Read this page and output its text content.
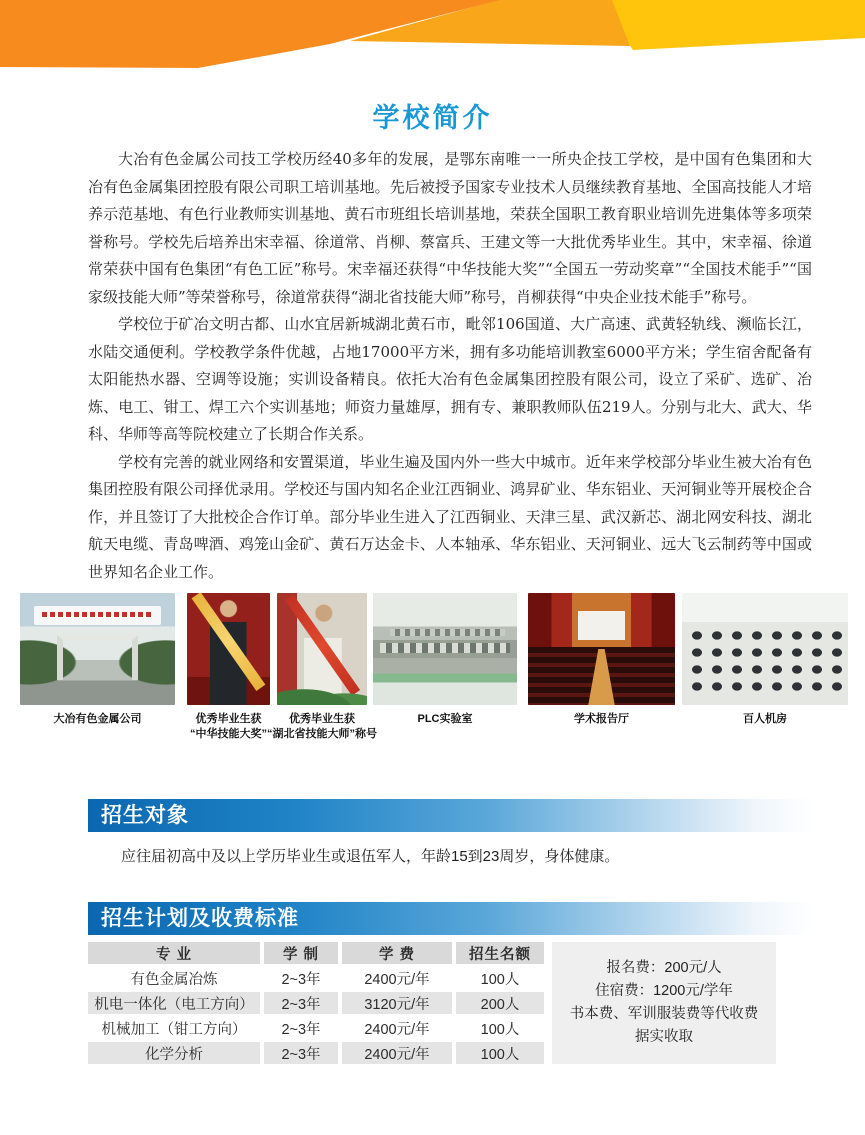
学校简介

大冶有色金属公司技工学校历经40多年的发展，是鄂东南唯一一所央企技工学校，是中国有色集团和大冶有色金属集团控股有限公司职工培训基地。先后被授予国家专业技术人员继续教育基地、全国高技能人才培养示范基地、有色行业教师实训基地、黄石市班组长培训基地，荣获全国职工教育职业培训先进集体等多项荣誉称号。学校先后培养出宋幸福、徐道常、肖柳、蔡富兵、王建文等一大批优秀毕业生。其中，宋幸福、徐道常荣获中国有色集团“有色工匠”称号。宋幸福还获得“中华技能大奖”“全国五一劳动奖章”“全国技术能手”“国家级技能大师”等荣誉称号，徐道常获得“湖北省技能大师”称号，肖柳获得“中央企业技术能手”称号。

学校位于矿冶文明古都、山水宜居新城湖北黄石市，毗邻106国道、大广高速、武黄轻轨线、濒临长江，水陆交通便利。学校教学条件优越，占地17000平方米，拥有多功能培训教室6000平方米；学生宿舍配备有太阳能热水器、空调等设施；实训设备精良。依托大冶有色金属集团控股有限公司，设立了采矿、选矿、冶炼、电工、钳工、焊工六个实训基地；师资力量雄厚，拥有专、兼职教师队伍219人。分别与北大、武大、华科、华师等高等院校建立了长期合作关系。

学校有完善的就业网络和安置渠道，毕业生遍及国内外一些大中城市。近年来学校部分毕业生被大冶有色集团控股有限公司择优录用。学校还与国内知名企业江西铜业、鸿昇矿业、华东铝业、天河铜业等开展校企合作，并且签订了大批校企合作订单。部分毕业生进入了江西铜业、天津三星、武汉新芯、湖北网安科技、湖北航天电缆、青岛啤酒、鸡笼山金矿、黄石万达金卡、人本轴承、华东铝业、天河铜业、远大飞云制药等中国或世界知名企业工作。

大冶有色金属公司	优秀毕业生获
“中华技能大奖”
优秀毕业生获
“湖北省技能大师”称号
PLC实验室	学术报告厅	百人机房
招生对象
应往届初高中及以上学历毕业生或退伍军人，年龄15到23周岁，身体健康。
招生计划及收费标准
专 业	学 制	学 费	招生名额
有色金属冶炼	2~3年	2400元/年	100人
机电一体化（电工方向）	2~3年	3120元/年	200人
机械加工（钳工方向）	2~3年	2400元/年	100人
化学分析	2~3年	2400元/年	100人
报名费：200元/人
住宿费：1200元/学年
书本费、军训服装费等代收费
据实收取
